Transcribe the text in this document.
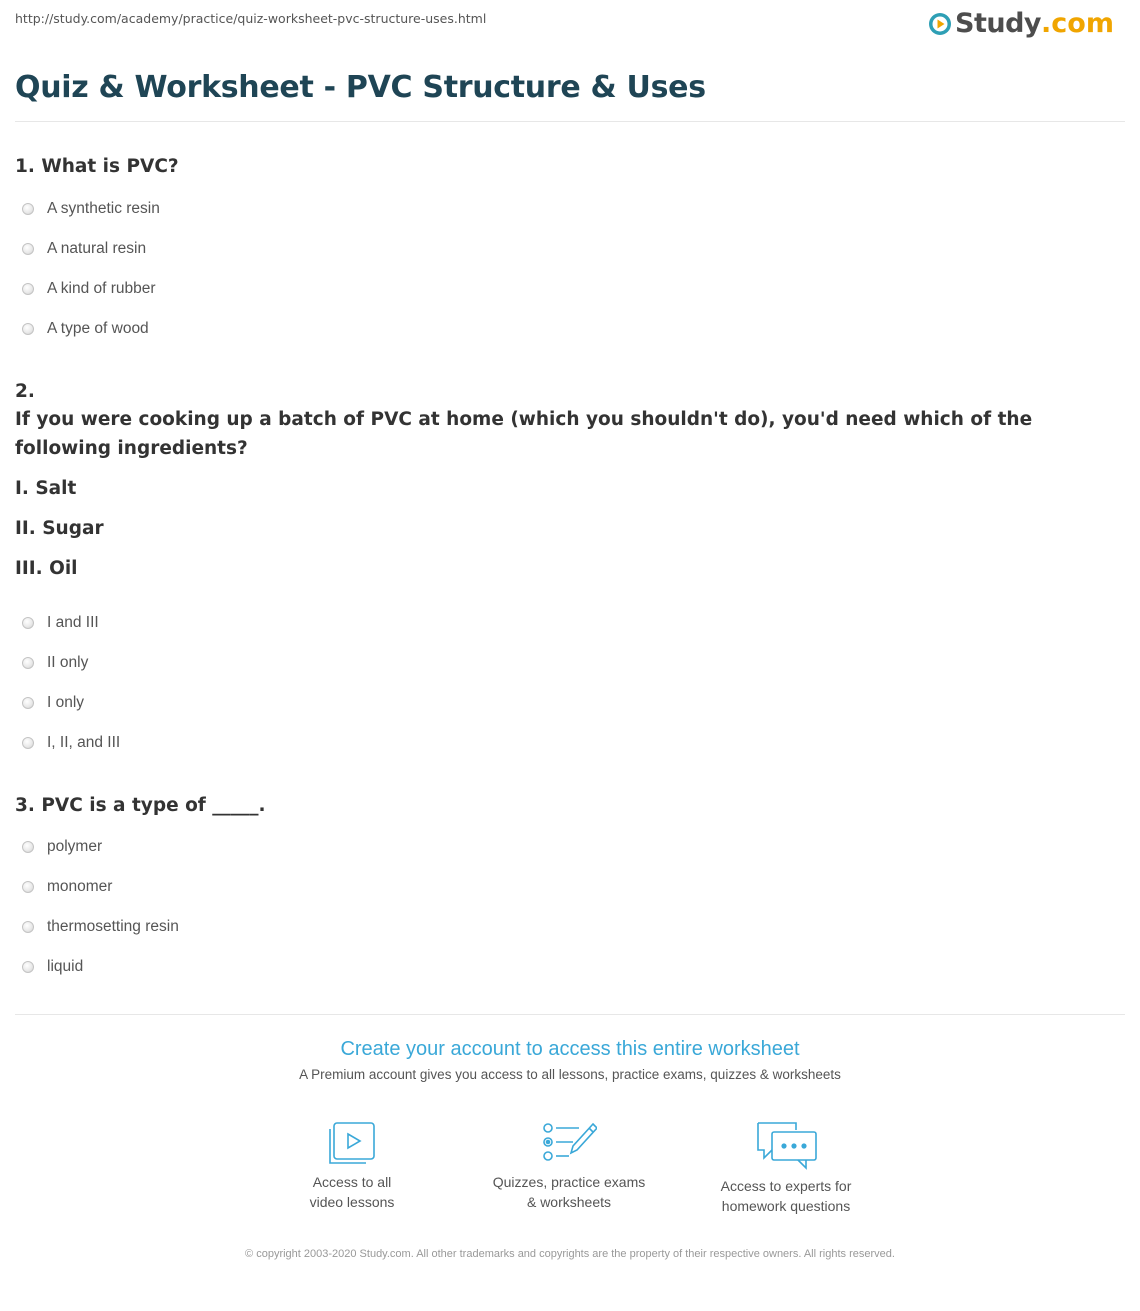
http://study.com/academy/practice/quiz-worksheet-pvc-structure-uses.html	Study .com
Quiz & Worksheet - PVC Structure & Uses
1. What is PVC?
A synthetic resin
A natural resin
A kind of rubber
A type of wood
2.
If you were cooking up a batch of PVC at home (which you shouldn't do), you'd need which of the following ingredients?
I. Salt
II. Sugar
III. Oil
I and III
II only
I only
I, II, and III
3. PVC is a type of _____.
polymer
monomer
thermosetting resin
liquid
Create your account to access this entire worksheet
A Premium account gives you access to all lessons, practice exams, quizzes & worksheets
Access to all
video lessons
Quizzes, practice exams
& worksheets
Access to experts for
homework questions
© copyright 2003-2020 Study.com. All other trademarks and copyrights are the property of their respective owners. All rights reserved.
